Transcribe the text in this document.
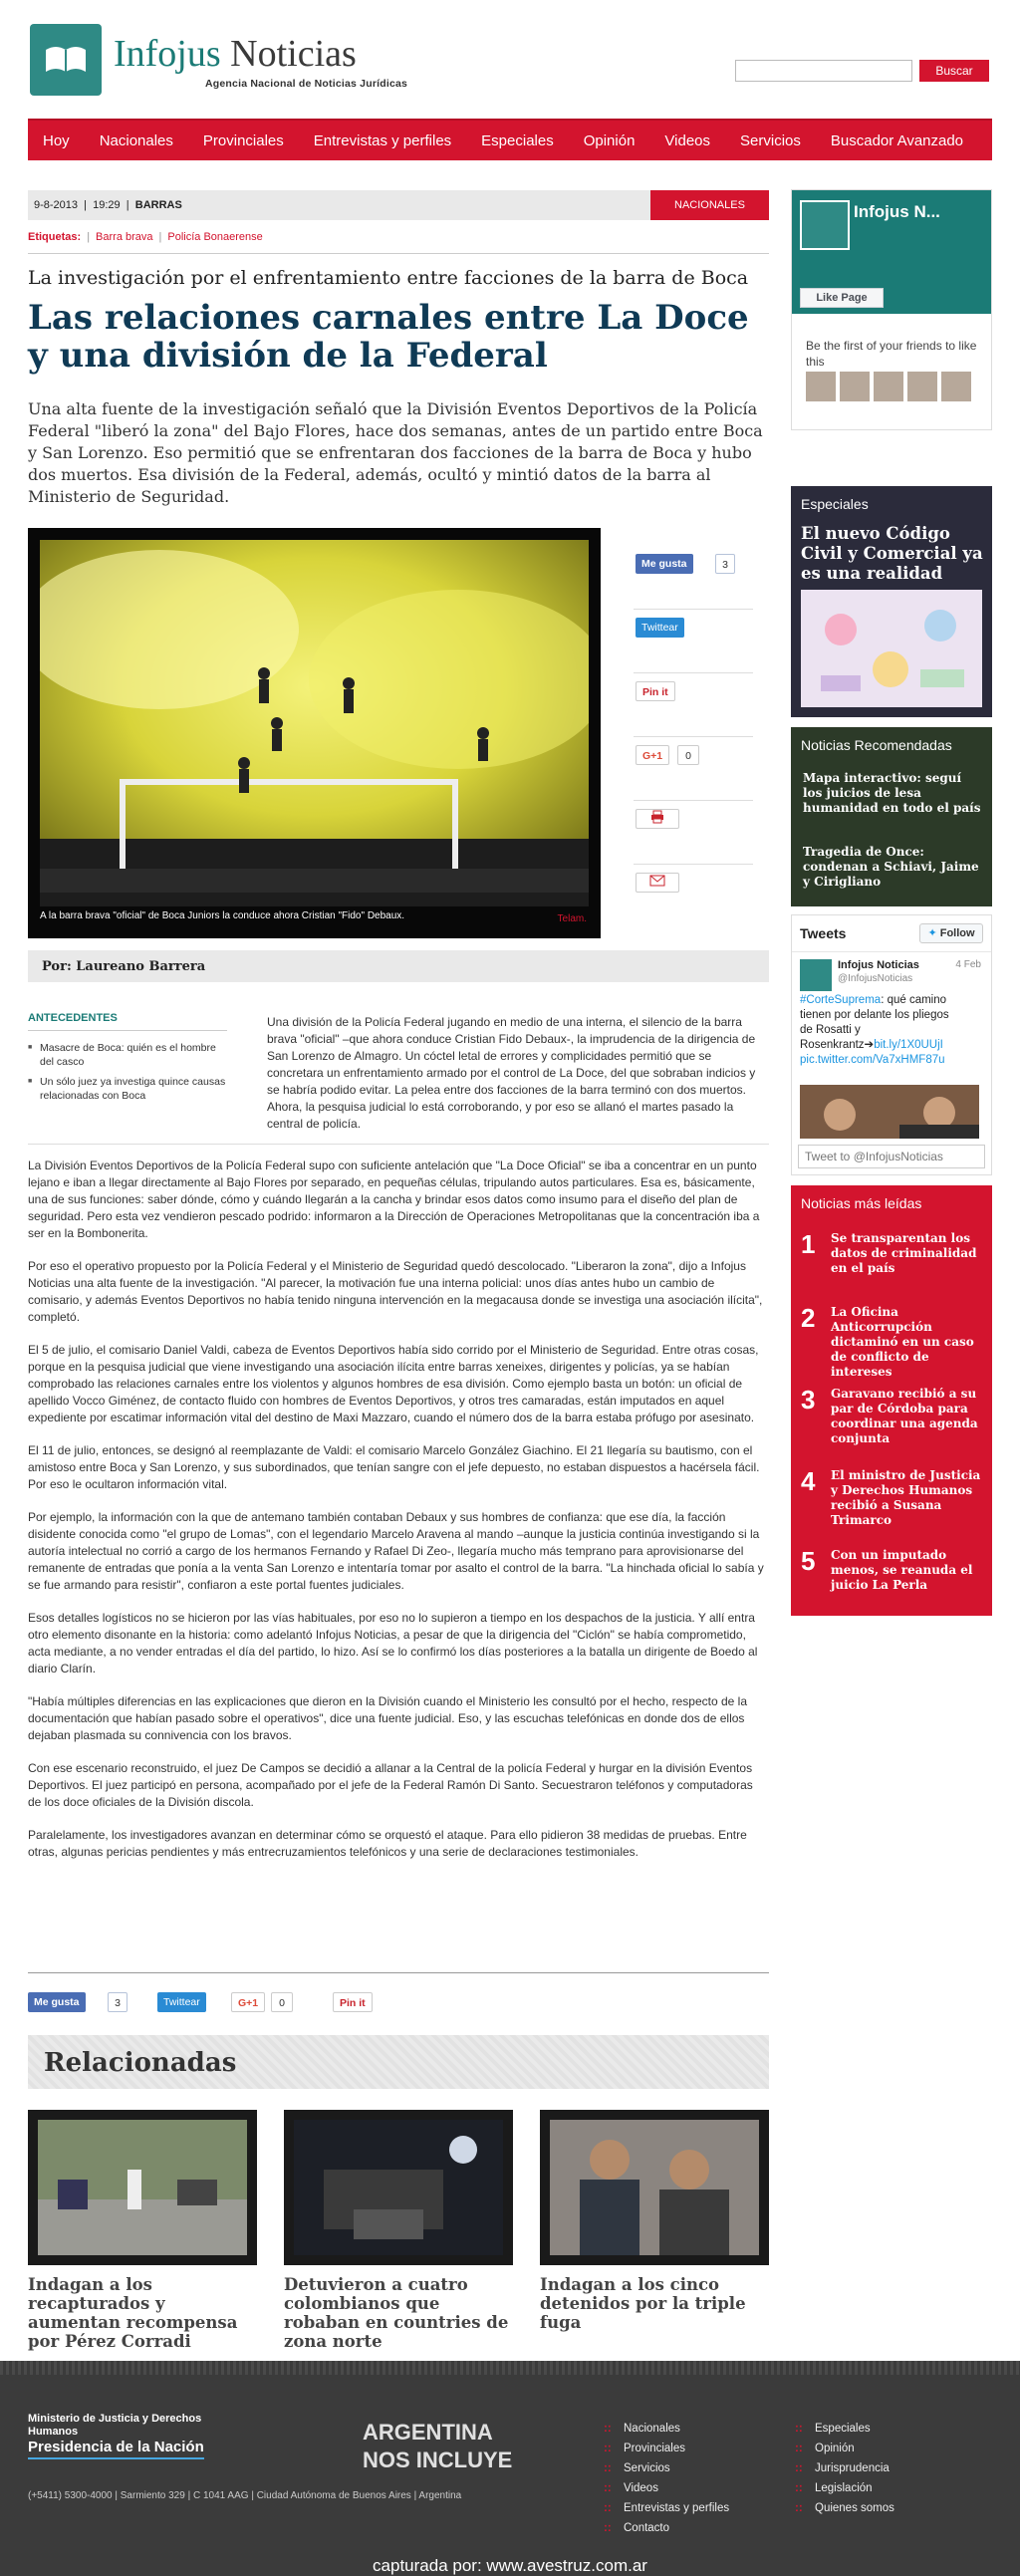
Infojus Noticias
Agencia Nacional de Noticias Jurídicas
Buscar
Hoy	Nacionales	Provinciales	Entrevistas y perfiles	Especiales	Opinión	Videos	Servicios	Buscador Avanzado
9-8-2013  |  19:29  |  BARRAS	NACIONALES
Etiquetas: | Barra brava | Policía Bonaerense
La investigación por el enfrentamiento entre facciones de la barra de Boca
Las relaciones carnales entre La Doce y una división de la Federal
Una alta fuente de la investigación señaló que la División Eventos Deportivos de la Policía Federal "liberó la zona" del Bajo Flores, hace dos semanas, antes de un partido entre Boca y San Lorenzo. Eso permitió que se enfrentaran dos facciones de la barra de Boca y hubo dos muertos. Esa división de la Federal, además, ocultó y mintió datos de la barra al Ministerio de Seguridad.
A la barra brava "oficial" de Boca Juniors la conduce ahora Cristian "Fido" Debaux.	Telam.
Me gusta	3
Twittear
Pin it
G+1	0
Por: Laureano Barrera
ANTECEDENTES
■ Masacre de Boca: quién es el hombre del casco
■ Un sólo juez ya investiga quince causas relacionadas con Boca
Una división de la Policía Federal jugando en medio de una interna, el silencio de la barra brava "oficial" –que ahora conduce Cristian Fido Debaux-, la imprudencia de la dirigencia de San Lorenzo de Almagro. Un cóctel letal de errores y complicidades permitió que se concretara un enfrentamiento armado por el control de La Doce, del que sobraban indicios y se habría podido evitar. La pelea entre dos facciones de la barra terminó con dos muertos. Ahora, la pesquisa judicial lo está corroborando, y por eso se allanó el martes pasado la central de policía.

La División Eventos Deportivos de la Policía Federal supo con suficiente antelación que "La Doce Oficial" se iba a concentrar en un punto lejano e iban a llegar directamente al Bajo Flores por separado, en pequeñas células, tripulando autos particulares. Esa es, básicamente, una de sus funciones: saber dónde, cómo y cuándo llegarán a la cancha y brindar esos datos como insumo para el diseño del plan de seguridad. Pero esta vez vendieron pescado podrido: informaron a la Dirección de Operaciones Metropolitanas que la concentración iba a ser en la Bombonerita.

Por eso el operativo propuesto por la Policía Federal y el Ministerio de Seguridad quedó descolocado. "Liberaron la zona", dijo a Infojus Noticias una alta fuente de la investigación. "Al parecer, la motivación fue una interna policial: unos días antes hubo un cambio de comisario, y además Eventos Deportivos no había tenido ninguna intervención en la megacausa donde se investiga una asociación ilícita", completó.

El 5 de julio, el comisario Daniel Valdi, cabeza de Eventos Deportivos había sido corrido por el Ministerio de Seguridad. Entre otras cosas, porque en la pesquisa judicial que viene investigando una asociación ilícita entre barras xeneixes, dirigentes y policías, ya se habían comprobado las relaciones carnales entre los violentos y algunos hombres de esa división. Como ejemplo basta un botón: un oficial de apellido Vocco Giménez, de contacto fluido con hombres de Eventos Deportivos, y otros tres camaradas, están imputados en aquel expediente por escatimar información vital del destino de Maxi Mazzaro, cuando el número dos de la barra estaba prófugo por asesinato.

El 11 de julio, entonces, se designó al reemplazante de Valdi: el comisario Marcelo González Giachino. El 21 llegaría su bautismo, con el amistoso entre Boca y San Lorenzo, y sus subordinados, que tenían sangre con el jefe depuesto, no estaban dispuestos a hacérsela fácil. Por eso le ocultaron información vital.

Por ejemplo, la información con la que de antemano también contaban Debaux y sus hombres de confianza: que ese día, la facción disidente conocida como "el grupo de Lomas", con el legendario Marcelo Aravena al mando –aunque la justicia continúa investigando si la autoría intelectual no corrió a cargo de los hermanos Fernando y Rafael Di Zeo-, llegaría mucho más temprano para aprovisionarse del remanente de entradas que ponía a la venta San Lorenzo e intentaría tomar por asalto el control de la barra. "La hinchada oficial lo sabía y se fue armando para resistir", confiaron a este portal fuentes judiciales.

Esos detalles logísticos no se hicieron por las vías habituales, por eso no lo supieron a tiempo en los despachos de la justicia. Y allí entra otro elemento disonante en la historia: como adelantó Infojus Noticias, a pesar de que la dirigencia del "Ciclón" se había comprometido, acta mediante, a no vender entradas el día del partido, lo hizo. Así se lo confirmó los días posteriores a la batalla un dirigente de Boedo al diario Clarín.

"Había múltiples diferencias en las explicaciones que dieron en la División cuando el Ministerio les consultó por el hecho, respecto de la documentación que habían pasado sobre el operativos", dice una fuente judicial. Eso, y las escuchas telefónicas en donde dos de ellos dejaban plasmada su connivencia con los bravos.

Con ese escenario reconstruido, el juez De Campos se decidió a allanar a la Central de la policía Federal y hurgar en la división Eventos Deportivos. El juez participó en persona, acompañado por el jefe de la Federal Ramón Di Santo. Secuestraron teléfonos y computadoras de los doce oficiales de la División discola.

Paralelamente, los investigadores avanzan en determinar cómo se orquestó el ataque. Para ello pidieron 38 medidas de pruebas. Entre otras, algunas pericias pendientes y más entrecruzamientos telefónicos y una serie de declaraciones testimoniales.

Me gusta	3	Twittear	G+1	0	Pin it
Relacionadas
Indagan a los recapturados y aumentan recompensa por Pérez Corradi
Detuvieron a cuatro colombianos que robaban en countries de zona norte
Indagan a los cinco detenidos por la triple fuga
Infojus N...
Like Page
Be the first of your friends to like this
Especiales
El nuevo Código Civil y Comercial ya es una realidad
Noticias Recomendadas
Mapa interactivo: seguí los juicios de lesa humanidad en todo el país
Tragedia de Once: condenan a Schiavi, Jaime y Cirigliano
Tweets	✦ Follow
Infojus Noticias
@InfojusNoticias
4 Feb
#CorteSuprema: qué camino tienen por delante los pliegos de Rosatti y Rosenkrantz➔bit.ly/1X0UUjI pic.twitter.com/Va7xHMF87u
Tweet to @InfojusNoticias
Noticias más leídas
1 Se transparentan los datos de criminalidad en el país
2 La Oficina Anticorrupción dictaminó en un caso de conflicto de intereses
3 Garavano recibió a su par de Córdoba para coordinar una agenda conjunta
4 El ministro de Justicia y Derechos Humanos recibió a Susana Trimarco
5 Con un imputado menos, se reanuda el juicio La Perla
Ministerio de Justicia y Derechos Humanos
Presidencia de la Nación
(+5411) 5300-4000 | Sarmiento 329 | C 1041 AAG | Ciudad Autónoma de Buenos Aires | Argentina
ARGENTINA
NOS INCLUYE
:: Nacionales
:: Provinciales
:: Servicios
:: Videos
:: Entrevistas y perfiles
:: Contacto
:: Especiales
:: Opinión
:: Jurisprudencia
:: Legislación
:: Quienes somos
capturada por: www.avestruz.com.ar
